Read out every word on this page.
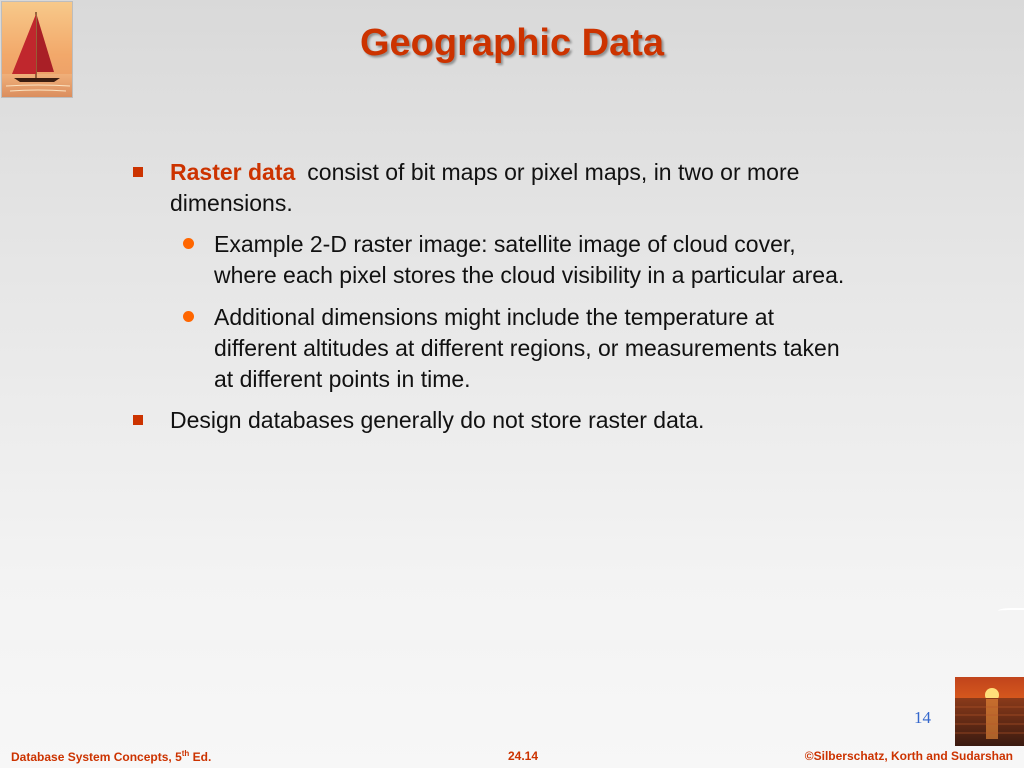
Geographic Data
Raster data consist of bit maps or pixel maps, in two or more
dimensions.
Example 2-D raster image: satellite image of cloud cover,
where each pixel stores the cloud visibility in a particular area.
Additional dimensions might include the temperature at
different altitudes at different regions, or measurements taken
at different points in time.
Design databases generally do not store raster data.
14
Database System Concepts, 5th Ed.	24.14	©Silberschatz, Korth and Sudarshan
